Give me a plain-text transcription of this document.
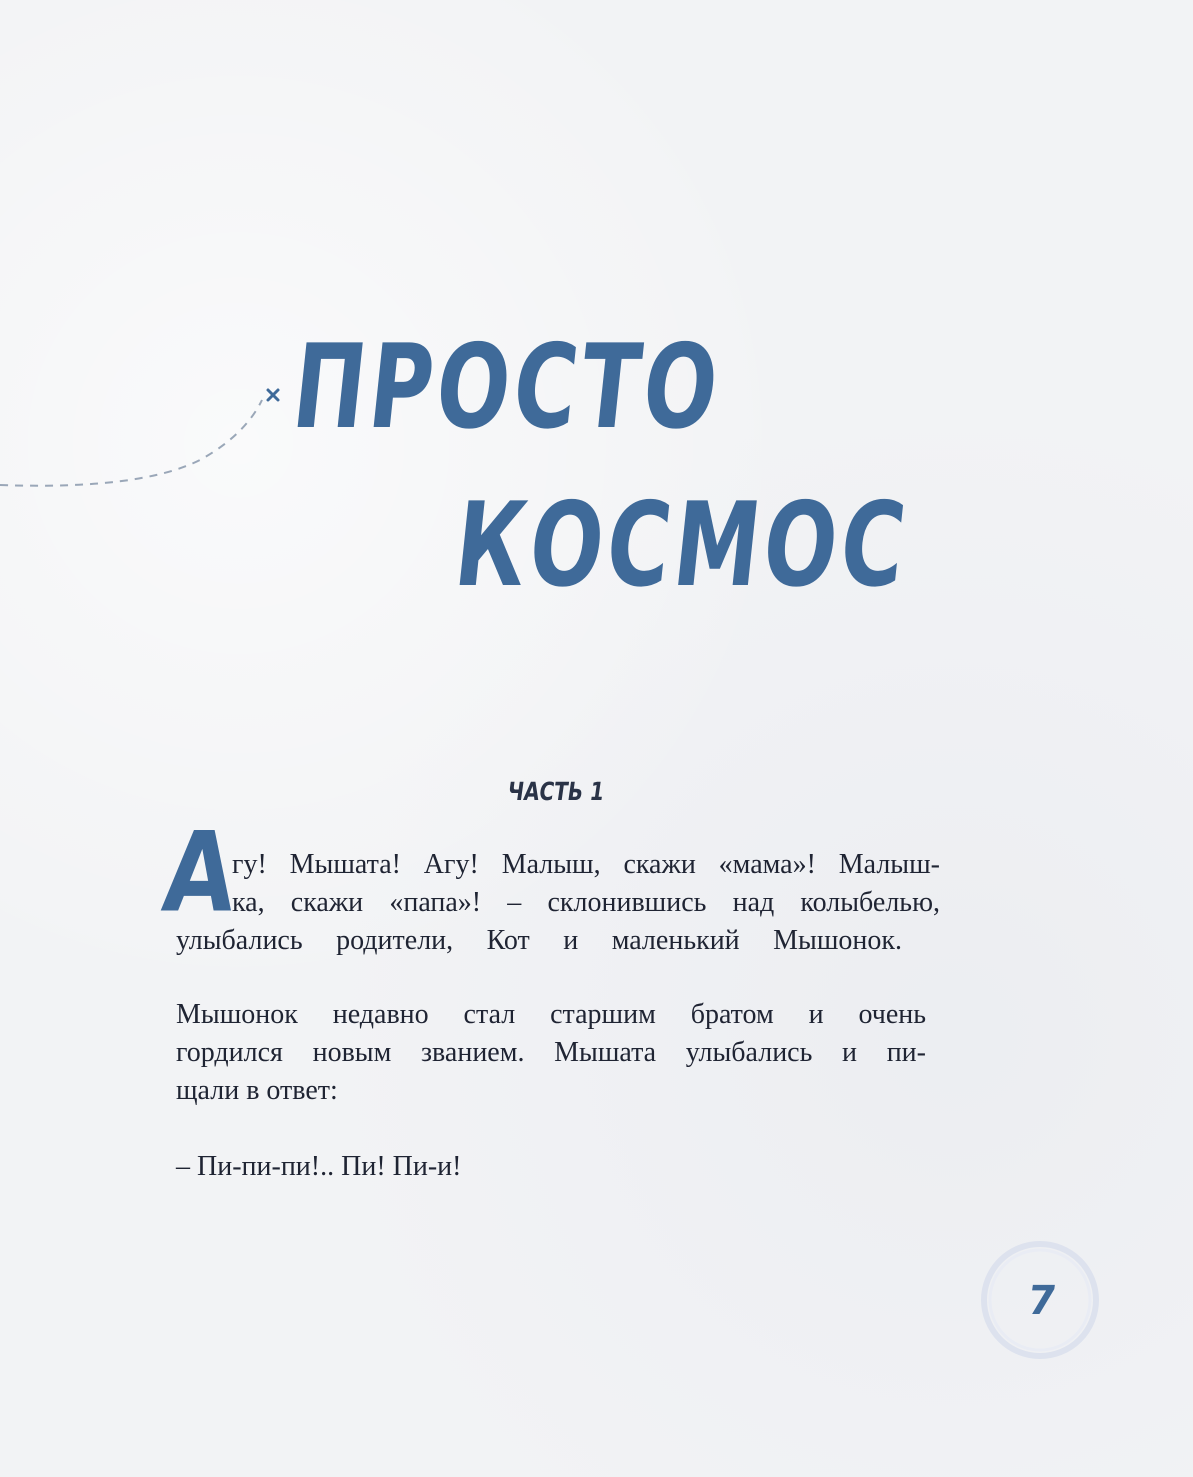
ПРОСТО
КОСМОС
ЧАСТЬ 1
А

гу! Мышата! Агу! Малыш, скажи «мама»! Малыш-

ка, скажи «папа»! – склонившись над колыбелью,

улыбались родители, Кот и маленький Мышонок.

Мышонок недавно стал старшим братом и очень

гордился новым званием. Мышата улыбались и пи-

щали в ответ:

– Пи-пи-пи!.. Пи! Пи-и!

7
